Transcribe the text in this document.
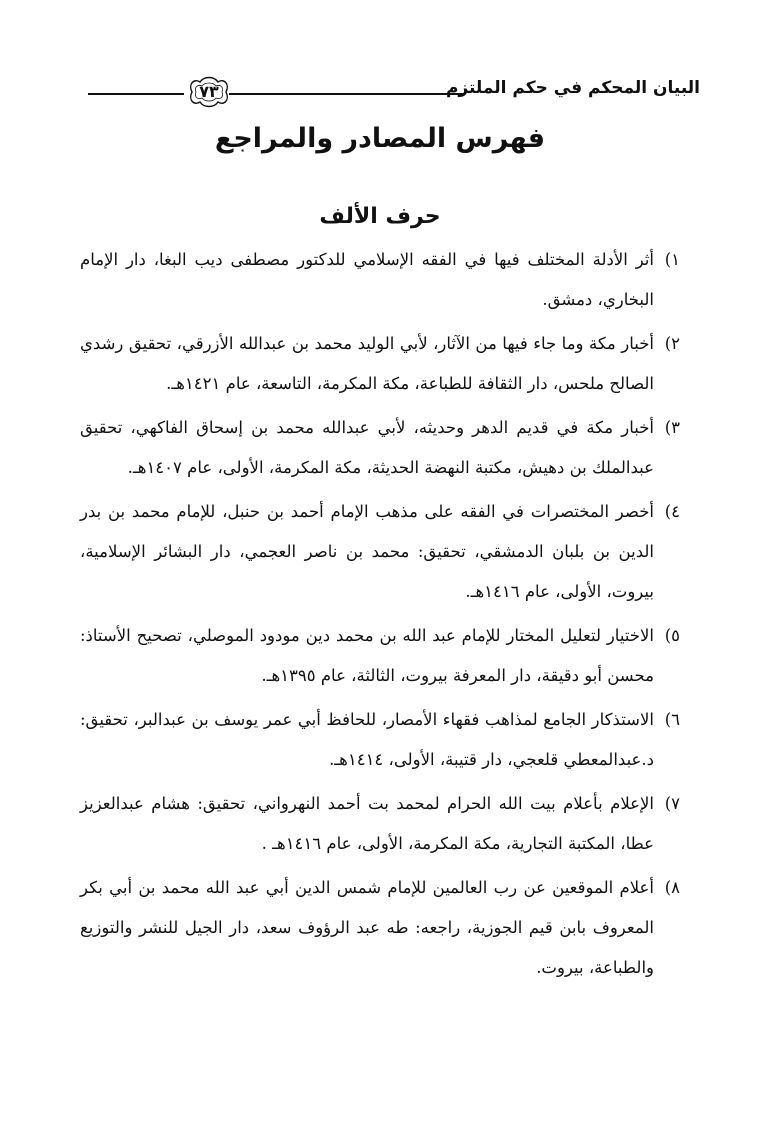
البيان المحكم في حكم الملتزم
٧٣
فهرس المصادر والمراجع
حرف الألف
١)
أثر الأدلة المختلف فيها في الفقه الإسلامي للدكتور مصطفى ديب البغا، دار الإمام البخاري، دمشق.
٢)
أخبار مكة وما جاء فيها من الآثار، لأبي الوليد محمد بن عبدالله الأزرقي، تحقيق رشدي الصالح ملحس، دار الثقافة للطباعة، مكة المكرمة، التاسعة، عام ١٤٢١هـ.
٣)
أخبار مكة في قديم الدهر وحديثه، لأبي عبدالله محمد بن إسحاق الفاكهي، تحقيق عبدالملك بن دهيش، مكتبة النهضة الحديثة، مكة المكرمة، الأولى، عام ١٤٠٧هـ.
٤)
أخصر المختصرات في الفقه على مذهب الإمام أحمد بن حنبل، للإمام محمد بن بدر الدين بن بلبان الدمشقي، تحقيق: محمد بن ناصر العجمي، دار البشائر الإسلامية، بيروت، الأولى، عام ١٤١٦هـ.
٥)
الاختيار لتعليل المختار للإمام عبد الله بن محمد دين مودود الموصلي، تصحيح الأستاذ: محسن أبو دقيقة، دار المعرفة بيروت، الثالثة، عام ١٣٩٥هـ.
٦)
الاستذكار الجامع لمذاهب فقهاء الأمصار، للحافظ أبي عمر يوسف بن عبدالبر، تحقيق: د.عبدالمعطي قلعجي، دار قتيبة، الأولى، ١٤١٤هـ.
٧)
الإعلام بأعلام بيت الله الحرام لمحمد بت أحمد النهرواني، تحقيق: هشام عبدالعزيز عطا، المكتبة التجارية، مكة المكرمة، الأولى، عام ١٤١٦هـ .
٨)
أعلام الموقعين عن رب العالمين للإمام شمس الدين أبي عبد الله محمد بن أبي بكر المعروف بابن قيم الجوزية، راجعه: طه عبد الرؤوف سعد، دار الجيل للنشر والتوزيع والطباعة، بيروت.
